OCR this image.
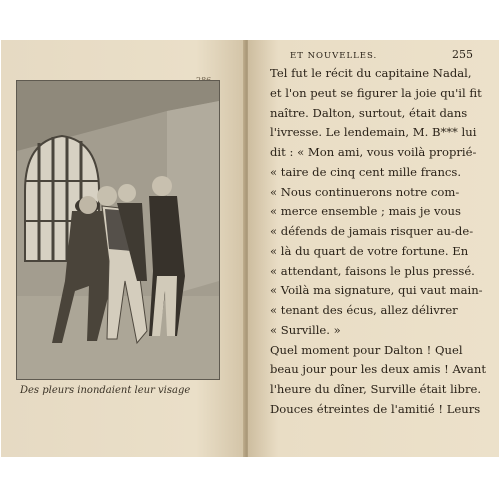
Des pleurs inondaient leur visage
ET NOUVELLES.	255
Tel fut le récit du capitaine Nadal,
et l'on peut se figurer la joie qu'il fit
naître. Dalton, surtout, était dans
l'ivresse. Le lendemain, M. B*** lui
dit : « Mon ami, vous voilà proprié-
« taire de cinq cent mille francs.
« Nous continuerons notre com-
« merce ensemble ; mais je vous
« défends de jamais risquer au-de-
« là du quart de votre fortune. En
« attendant, faisons le plus pressé.
« Voilà ma signature, qui vaut main-
« tenant des écus, allez délivrer
« Surville. »
Quel moment pour Dalton ! Quel
beau jour pour les deux amis ! Avant
l'heure du dîner, Surville était libre.
Douces étreintes de l'amitié ! Leurs
